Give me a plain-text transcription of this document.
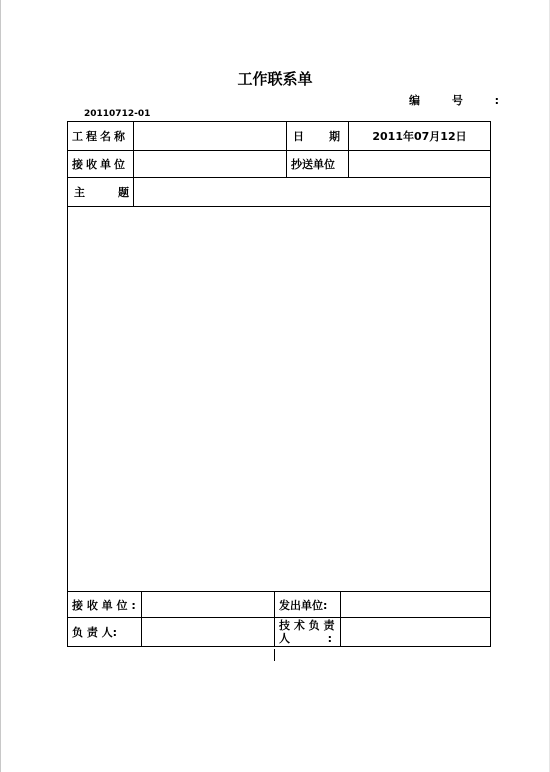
工作联系单
编 号 :
20110712-01
工程名称		日 期	2011年07月12日
接收单位		抄送单位	

主 题			

接 收 单 位 :		发出单位:	
负 责 人:		技 术 负 责
人 :	
